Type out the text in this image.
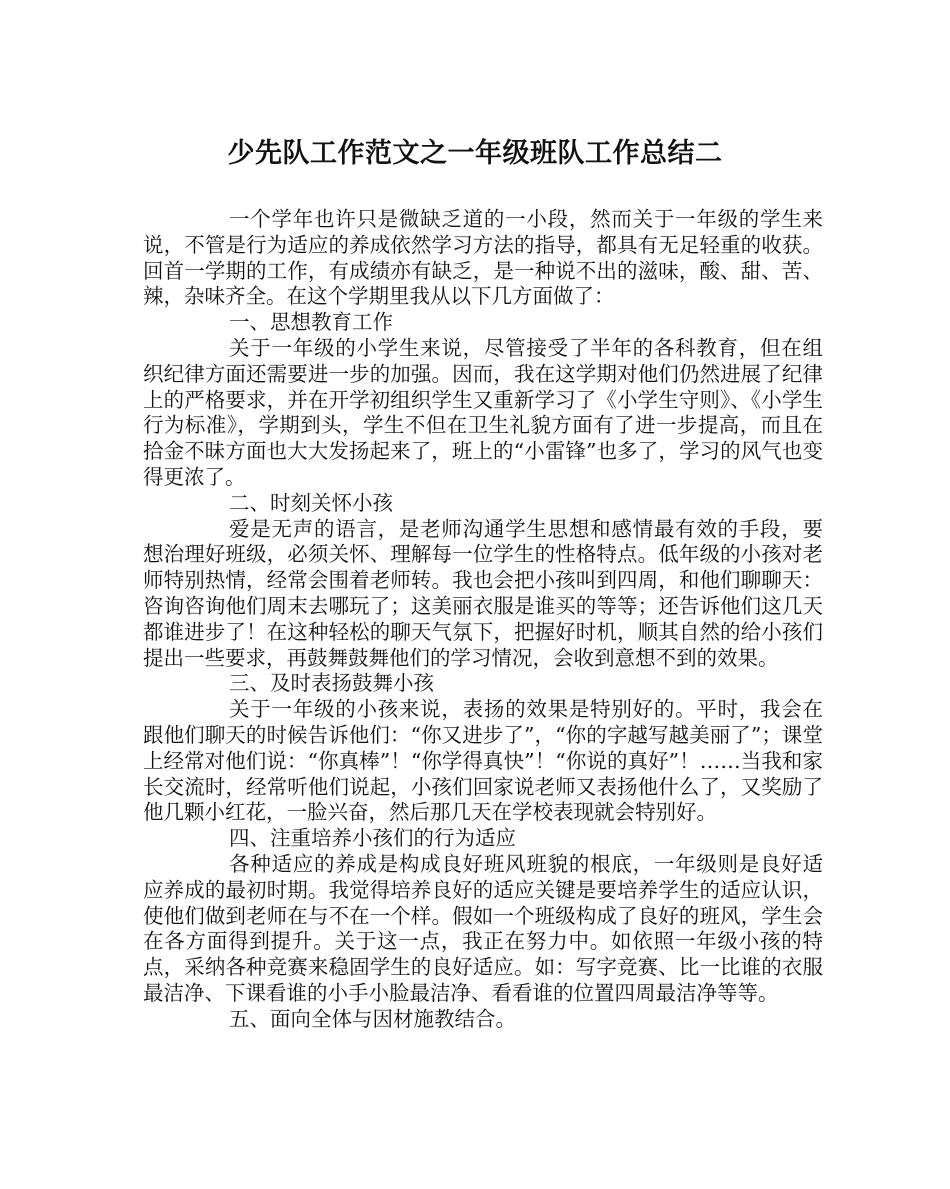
少先队工作范文之一年级班队工作总结二

一个学年也许只是微缺乏道的一小段，然而关于一年级的学生来说，不管是行为适应的养成依然学习方法的指导，都具有无足轻重的收获。回首一学期的工作，有成绩亦有缺乏，是一种说不出的滋味，酸、甜、苦、辣，杂味齐全。在这个学期里我从以下几方面做了：

一、思想教育工作

关于一年级的小学生来说，尽管接受了半年的各科教育，但在组织纪律方面还需要进一步的加强。因而，我在这学期对他们仍然进展了纪律上的严格要求，并在开学初组织学生又重新学习了《小学生守则》、《小学生行为标准》，学期到头，学生不但在卫生礼貌方面有了进一步提高，而且在拾金不昧方面也大大发扬起来了，班上的“小雷锋”也多了，学习的风气也变得更浓了。

二、时刻关怀小孩

爱是无声的语言，是老师沟通学生思想和感情最有效的手段，要想治理好班级，必须关怀、理解每一位学生的性格特点。低年级的小孩对老师特别热情，经常会围着老师转。我也会把小孩叫到四周，和他们聊聊天：咨询咨询他们周末去哪玩了；这美丽衣服是谁买的等等；还告诉他们这几天都谁进步了！在这种轻松的聊天气氛下，把握好时机，顺其自然的给小孩们提出一些要求，再鼓舞鼓舞他们的学习情况，会收到意想不到的效果。

三、及时表扬鼓舞小孩

关于一年级的小孩来说，表扬的效果是特别好的。平时，我会在跟他们聊天的时候告诉他们：“你又进步了”，“你的字越写越美丽了”；课堂上经常对他们说：“你真棒”！“你学得真快”！“你说的真好”！……当我和家长交流时，经常听他们说起，小孩们回家说老师又表扬他什么了，又奖励了他几颗小红花，一脸兴奋，然后那几天在学校表现就会特别好。

四、注重培养小孩们的行为适应

各种适应的养成是构成良好班风班貌的根底，一年级则是良好适应养成的最初时期。我觉得培养良好的适应关键是要培养学生的适应认识，使他们做到老师在与不在一个样。假如一个班级构成了良好的班风，学生会在各方面得到提升。关于这一点，我正在努力中。如依照一年级小孩的特点，采纳各种竞赛来稳固学生的良好适应。如：写字竞赛、比一比谁的衣服最洁净、下课看谁的小手小脸最洁净、看看谁的位置四周最洁净等等。

五、面向全体与因材施教结合。
